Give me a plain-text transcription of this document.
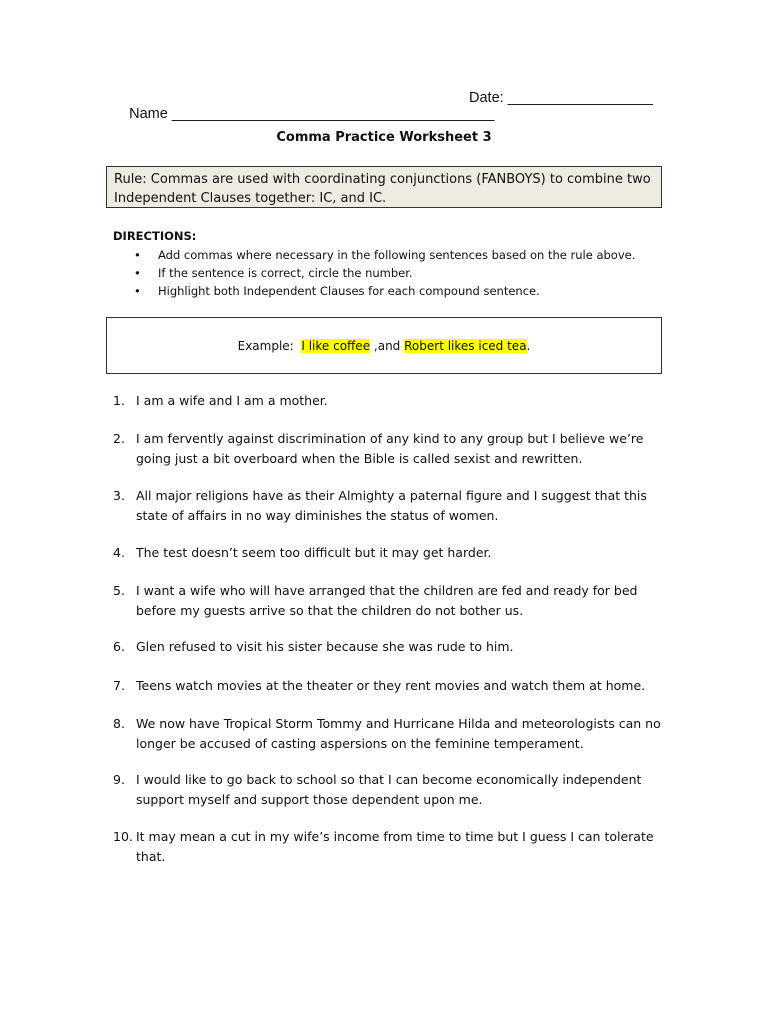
Name ________________________________________

Date: __________________

Comma Practice Worksheet 3
Rule: Commas are used with coordinating conjunctions (FANBOYS) to combine two
Independent Clauses together: IC, and IC.
DIRECTIONS:
• Add commas where necessary in the following sentences based on the rule above.
• If the sentence is correct, circle the number.
• Highlight both Independent Clauses for each compound sentence.
Example: I like coffee ,and Robert likes iced tea.
1. I am a wife and I am a mother.
2. I am fervently against discrimination of any kind to any group but I believe we’re going just a bit overboard when the Bible is called sexist and rewritten.
3. All major religions have as their Almighty a paternal figure and I suggest that this state of affairs in no way diminishes the status of women.
4. The test doesn’t seem too difficult but it may get harder.
5. I want a wife who will have arranged that the children are fed and ready for bed before my guests arrive so that the children do not bother us.
6. Glen refused to visit his sister because she was rude to him.
7. Teens watch movies at the theater or they rent movies and watch them at home.
8. We now have Tropical Storm Tommy and Hurricane Hilda and meteorologists can no longer be accused of casting aspersions on the feminine temperament.
9. I would like to go back to school so that I can become economically independent support myself and support those dependent upon me.
10. It may mean a cut in my wife’s income from time to time but I guess I can tolerate that.
